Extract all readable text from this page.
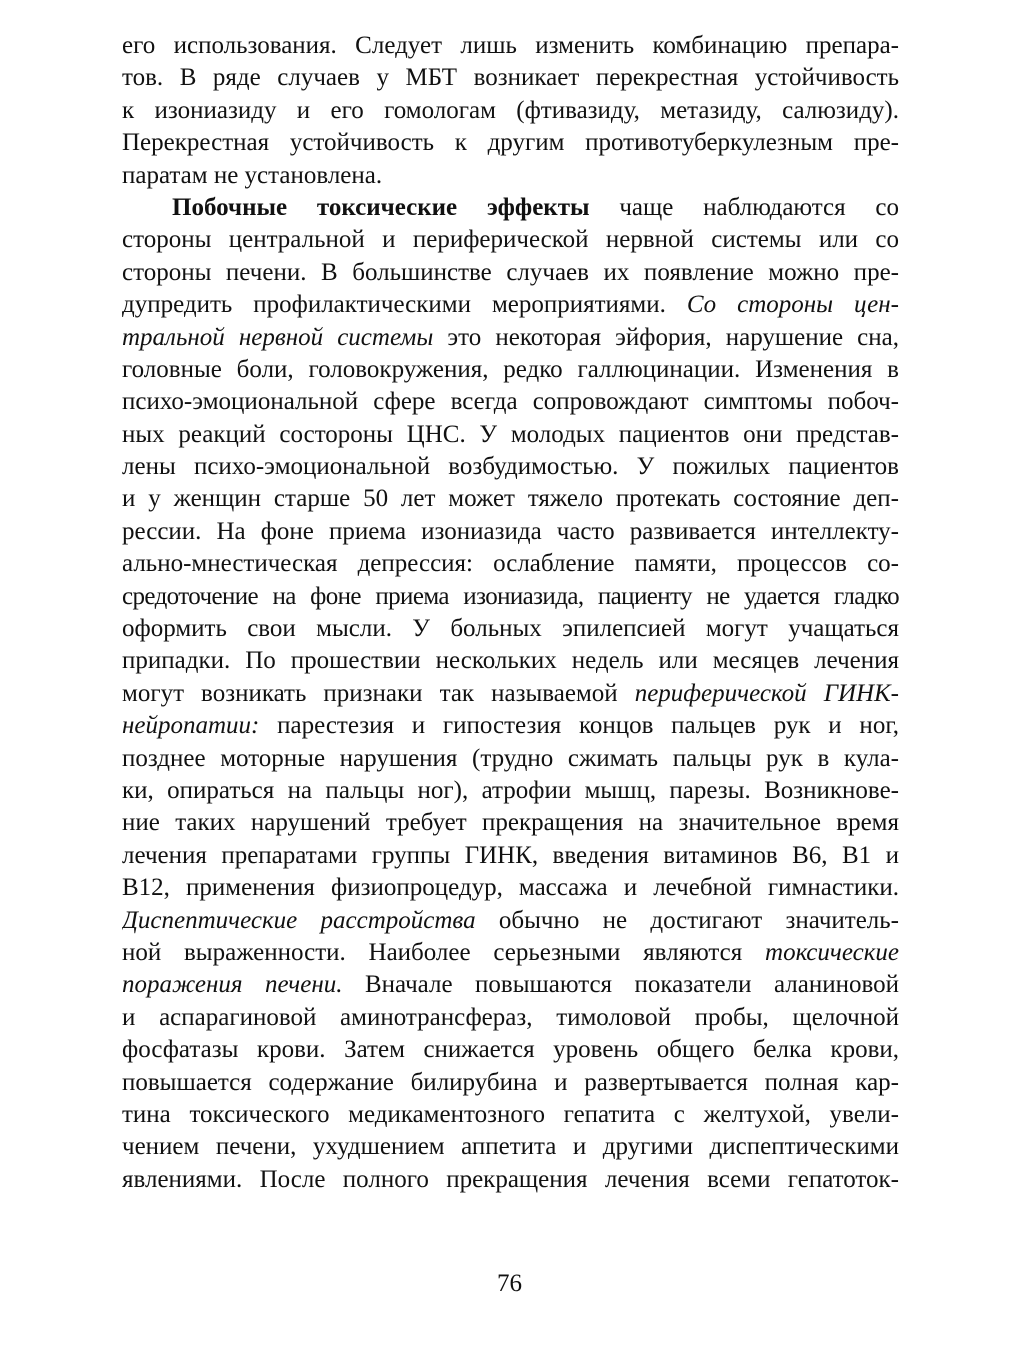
его использования. Следует лишь изменить комбинацию препара-
тов. В ряде случаев у МБТ возникает перекрестная устойчивость
к изониазиду и его гомологам (фтивазиду, метазиду, салюзиду).
Перекрестная устойчивость к другим противотуберкулезным пре-
паратам не установлена.
Побочные токсические эффекты чаще наблюдаются со
стороны центральной и периферической нервной системы или со
стороны печени. В большинстве случаев их появление можно пре-
дупредить профилактическими мероприятиями. Со стороны цен-
тральной нервной системы это некоторая эйфория, нарушение сна,
головные боли, головокружения, редко галлюцинации. Изменения в
психо-эмоциональной сфере всегда сопровождают симптомы побоч-
ных реакций состороны ЦНС. У молодых пациентов они представ-
лены психо-эмоциональной возбудимостью. У пожилых пациентов
и у женщин старше 50 лет может тяжело протекать состояние деп-
рессии. На фоне приема изониазида часто развивается интеллекту-
ально-мнестическая депрессия: ослабление памяти, процессов со-
средоточение на фоне приема изониазида, пациенту не удается гладко
оформить свои мысли. У больных эпилепсией могут учащаться
припадки. По прошествии нескольких недель или месяцев лечения
могут возникать признаки так называемой периферической ГИНК-
нейропатии: парестезия и гипостезия концов пальцев рук и ног,
позднее моторные нарушения (трудно сжимать пальцы рук в кула-
ки, опираться на пальцы ног), атрофии мышц, парезы. Возникнове-
ние таких нарушений требует прекращения на значительное время
лечения препаратами группы ГИНК, введения витаминов В6, В1 и
В12, применения физиопроцедур, массажа и лечебной гимнастики.
Диспептические расстройства обычно не достигают значитель-
ной выраженности. Наиболее серьезными являются токсические
поражения печени. Вначале повышаются показатели аланиновой
и аспарагиновой аминотрансфераз, тимоловой пробы, щелочной
фосфатазы крови. Затем снижается уровень общего белка крови,
повышается содержание билирубина и развертывается полная кар-
тина токсического медикаментозного гепатита с желтухой, увели-
чением печени, ухудшением аппетита и другими диспептическими
явлениями. После полного прекращения лечения всеми гепатоток-
76
